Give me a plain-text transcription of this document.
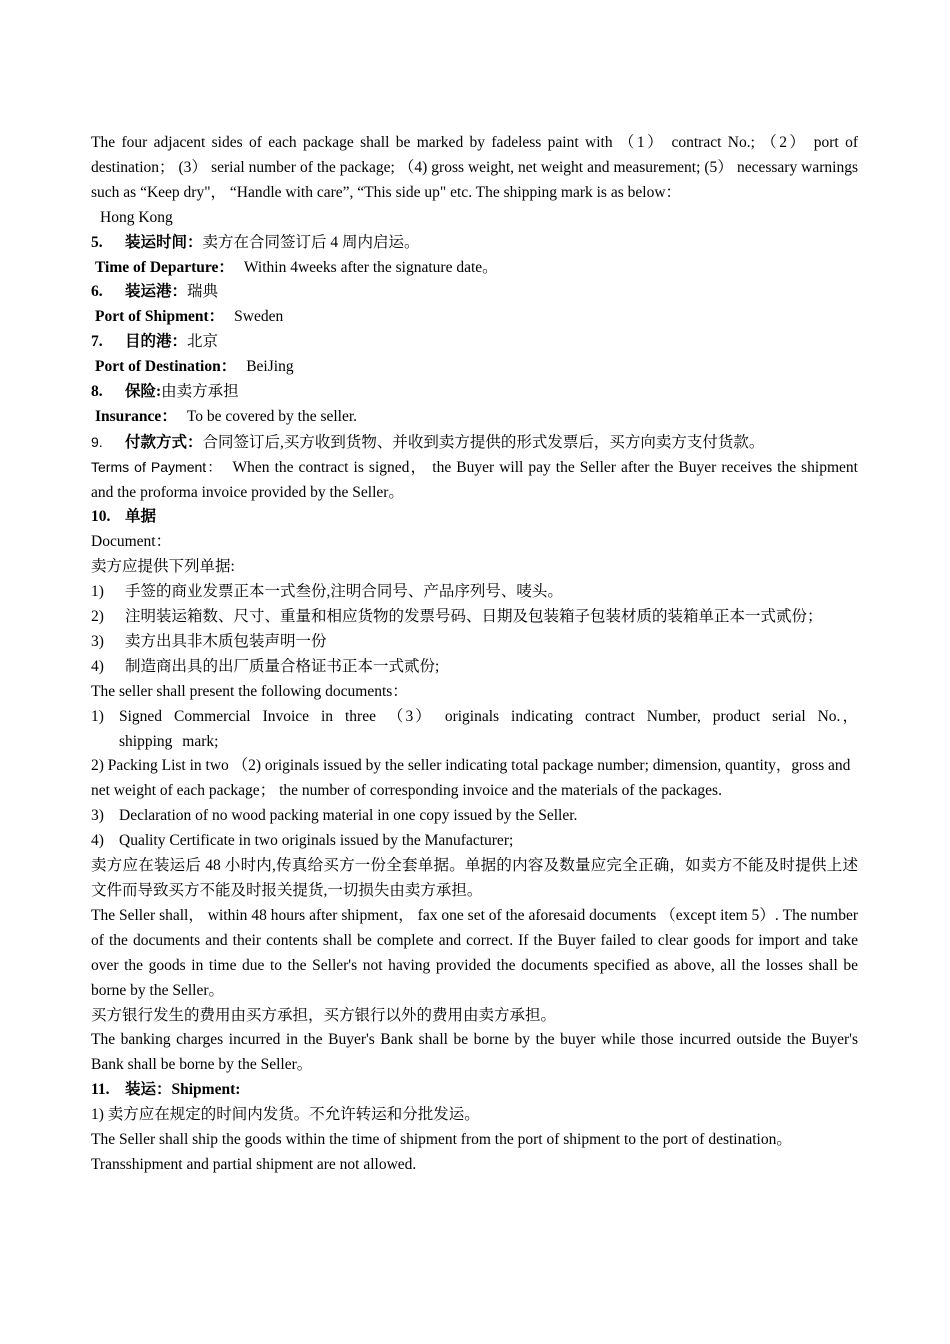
The four adjacent sides of each package shall be marked by fadeless paint with （1） contract No.; （2） port of destination； (3） serial number of the package; （4) gross weight, net weight and measurement; (5） necessary warnings such as “Keep dry"， “Handle with care”, “This side up" etc. The shipping mark is as below：
Hong Kong
5. 装运时间：卖方在合同签订后 4 周内启运。
Time of Departure： Within 4weeks after the signature date。
6. 装运港：瑞典
Port of Shipment： Sweden
7. 目的港：北京
Port of Destination： BeiJing
8. 保险:由卖方承担
Insurance： To be covered by the seller.
9. 付款方式：合同签订后,买方收到货物、并收到卖方提供的形式发票后，买方向卖方支付货款。
Terms of Payment： When the contract is signed， the Buyer will pay the Seller after the Buyer receives the shipment and the proforma invoice provided by the Seller。
10. 单据
Document：
卖方应提供下列单据:
1)	手签的商业发票正本一式叁份,注明合同号、产品序列号、唛头。
2)	注明装运箱数、尺寸、重量和相应货物的发票号码、日期及包装箱子包装材质的装箱单正本一式贰份；
3)	卖方出具非木质包装声明一份
4)	制造商出具的出厂质量合格证书正本一式贰份;
The seller shall present the following documents：
1) Signed Commercial Invoice in three （3） originals indicating contract Number, product serial No.，shipping mark;
2) Packing List in two （2) originals issued by the seller indicating total package number; dimension, quantity，gross and net weight of each package； the number of corresponding invoice and the materials of the packages.
3) Declaration of no wood packing material in one copy issued by the Seller.
4) Quality Certificate in two originals issued by the Manufacturer;
卖方应在装运后 48 小时内,传真给买方一份全套单据。单据的内容及数量应完全正确，如卖方不能及时提供上述文件而导致买方不能及时报关提货,一切损失由卖方承担。
The Seller shall， within 48 hours after shipment， fax one set of the aforesaid documents （except item 5）. The number of the documents and their contents shall be complete and correct. If the Buyer failed to clear goods for import and take over the goods in time due to the Seller's not having provided the documents specified as above, all the losses shall be borne by the Seller。
买方银行发生的费用由买方承担，买方银行以外的费用由卖方承担。
The banking charges incurred in the Buyer's Bank shall be borne by the buyer while those incurred outside the Buyer's Bank shall be borne by the Seller。
11. 装运：Shipment:
1) 卖方应在规定的时间内发货。不允许转运和分批发运。
The Seller shall ship the goods within the time of shipment from the port of shipment to the port of destination。Transshipment and partial shipment are not allowed.
